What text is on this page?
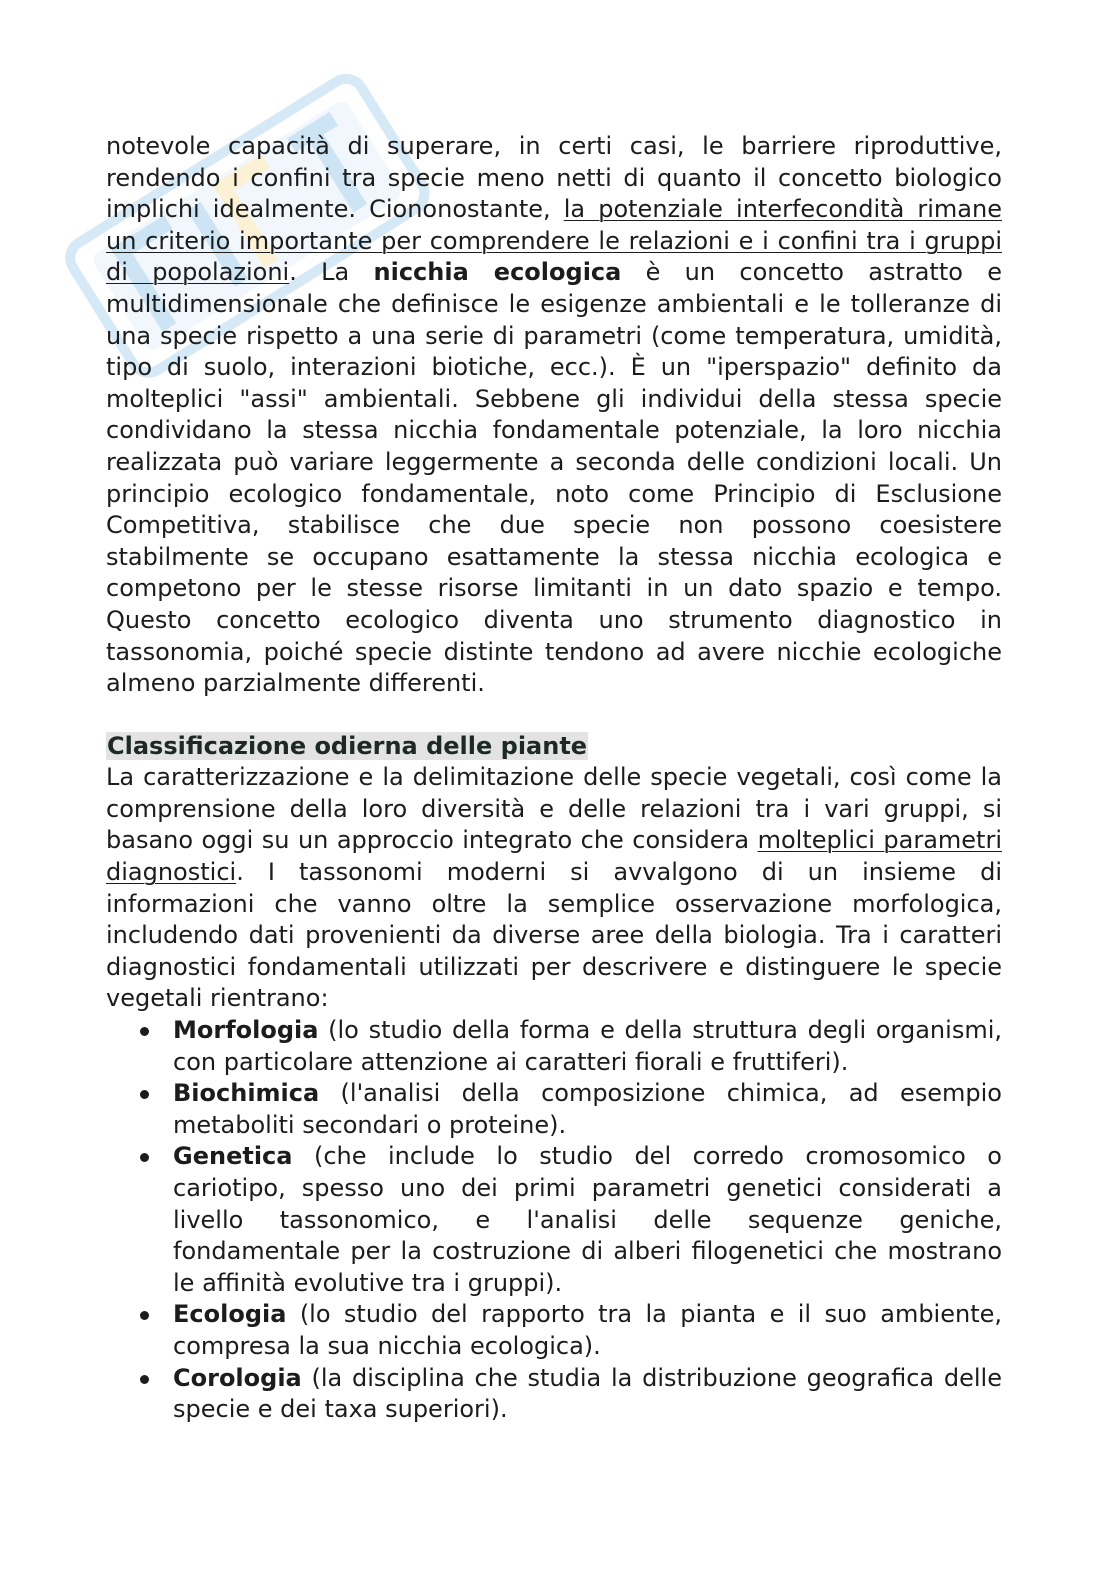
notevole capacità di superare, in certi casi, le barriere riproduttive, rendendo i confini tra specie meno netti di quanto il concetto biologico implichi idealmente. Ciononostante, la potenziale interfecondità rimane un criterio importante per comprendere le relazioni e i confini tra i gruppi di popolazioni. La nicchia ecologica è un concetto astratto e multidimensionale che definisce le esigenze ambientali e le tolleranze di una specie rispetto a una serie di parametri (come temperatura, umidità, tipo di suolo, interazioni biotiche, ecc.). È un "iperspazio" definito da molteplici "assi" ambientali. Sebbene gli individui della stessa specie condividano la stessa nicchia fondamentale potenziale, la loro nicchia realizzata può variare leggermente a seconda delle condizioni locali. Un principio ecologico fondamentale, noto come Principio di Esclusione Competitiva, stabilisce che due specie non possono coesistere stabilmente se occupano esattamente la stessa nicchia ecologica e competono per le stesse risorse limitanti in un dato spazio e tempo. Questo concetto ecologico diventa uno strumento diagnostico in tassonomia, poiché specie distinte tendono ad avere nicchie ecologiche almeno parzialmente differenti.

Classificazione odierna delle piante

La caratterizzazione e la delimitazione delle specie vegetali, così come la comprensione della loro diversità e delle relazioni tra i vari gruppi, si basano oggi su un approccio integrato che considera molteplici parametri diagnostici. I tassonomi moderni si avvalgono di un insieme di informazioni che vanno oltre la semplice osservazione morfologica, includendo dati provenienti da diverse aree della biologia. Tra i caratteri diagnostici fondamentali utilizzati per descrivere e distinguere le specie vegetali rientrano:

Morfologia (lo studio della forma e della struttura degli organismi, con particolare attenzione ai caratteri fiorali e fruttiferi).
Biochimica (l'analisi della composizione chimica, ad esempio metaboliti secondari o proteine).
Genetica (che include lo studio del corredo cromosomico o cariotipo, spesso uno dei primi parametri genetici considerati a livello tassonomico, e l'analisi delle sequenze geniche, fondamentale per la costruzione di alberi filogenetici che mostrano le affinità evolutive tra i gruppi).
Ecologia (lo studio del rapporto tra la pianta e il suo ambiente, compresa la sua nicchia ecologica).
Corologia (la disciplina che studia la distribuzione geografica delle specie e dei taxa superiori).
